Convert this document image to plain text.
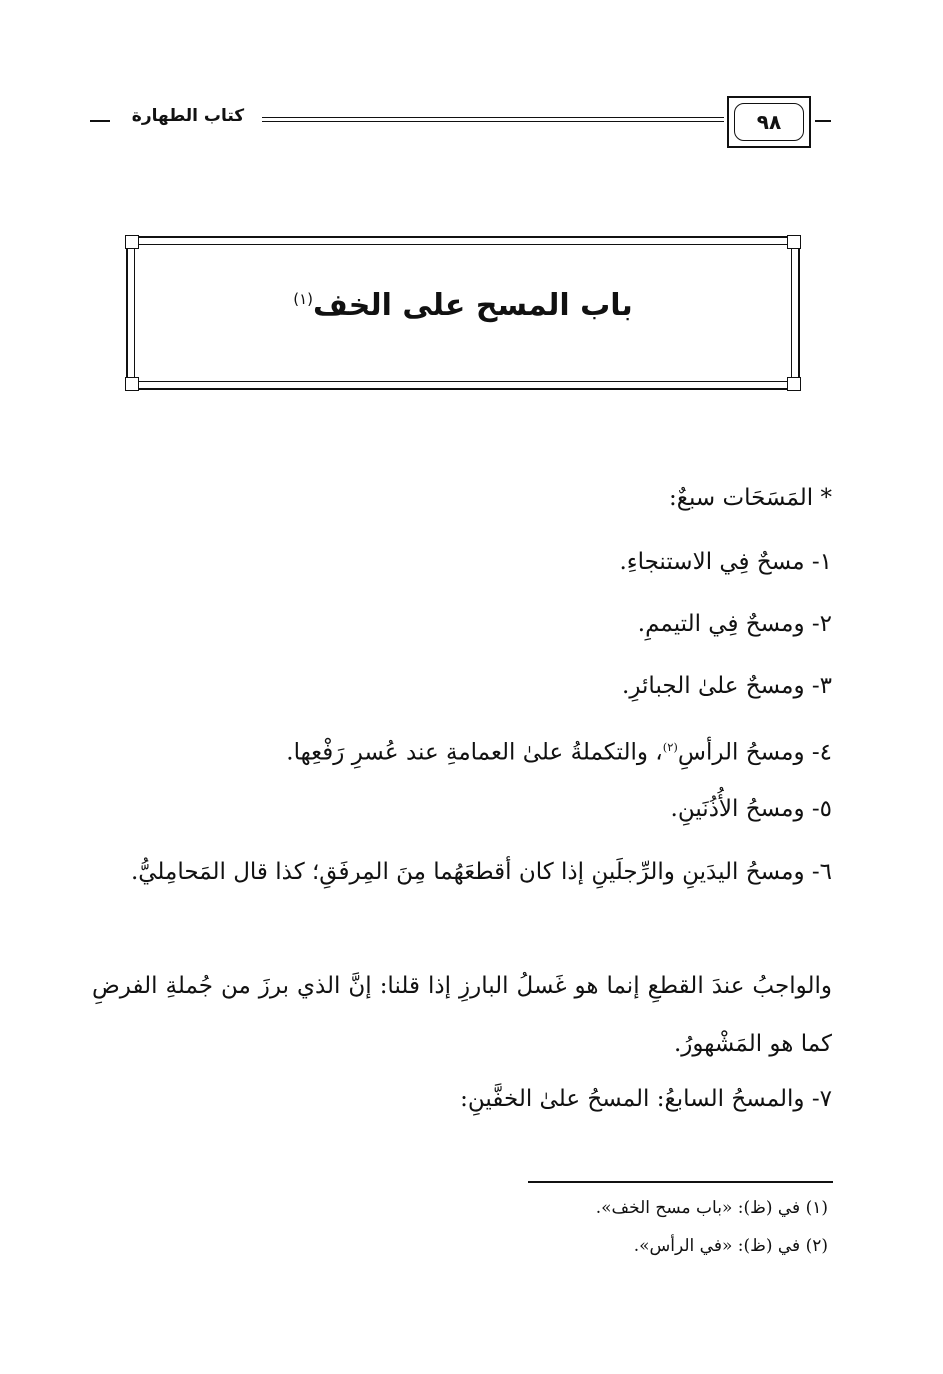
كتاب الطهارة	٩٨
باب المسح على الخف$^{(١)}$
* المَسَحَات سبعٌ:
١- مسحٌ فِي الاستنجاءِ.
٢- ومسحٌ فِي التيممِ.
٣- ومسحٌ علىٰ الجبائرِ.
٤- ومسحُ الرأسِ$^{(٢)}$، والتكملةُ علىٰ العمامةِ عند عُسرِ رَفْعِها.
٥- ومسحُ الأُذُنَينِ.
٦- ومسحُ اليدَينِ والرِّجلَينِ إذا كان أقطعَهُما مِنَ المِرفَقِ؛ كذا قال المَحامِليُّ.
والواجبُ عندَ القطعِ إنما هو غَسلُ البارزِ إذا قلنا: إنَّ الذي برزَ من جُملةِ الفرضِ كما هو المَشْهورُ.
٧- والمسحُ السابعُ: المسحُ علىٰ الخفَّينِ:
(١) في (ظ): «باب مسح الخف».
(٢) في (ظ): «في الرأس».
